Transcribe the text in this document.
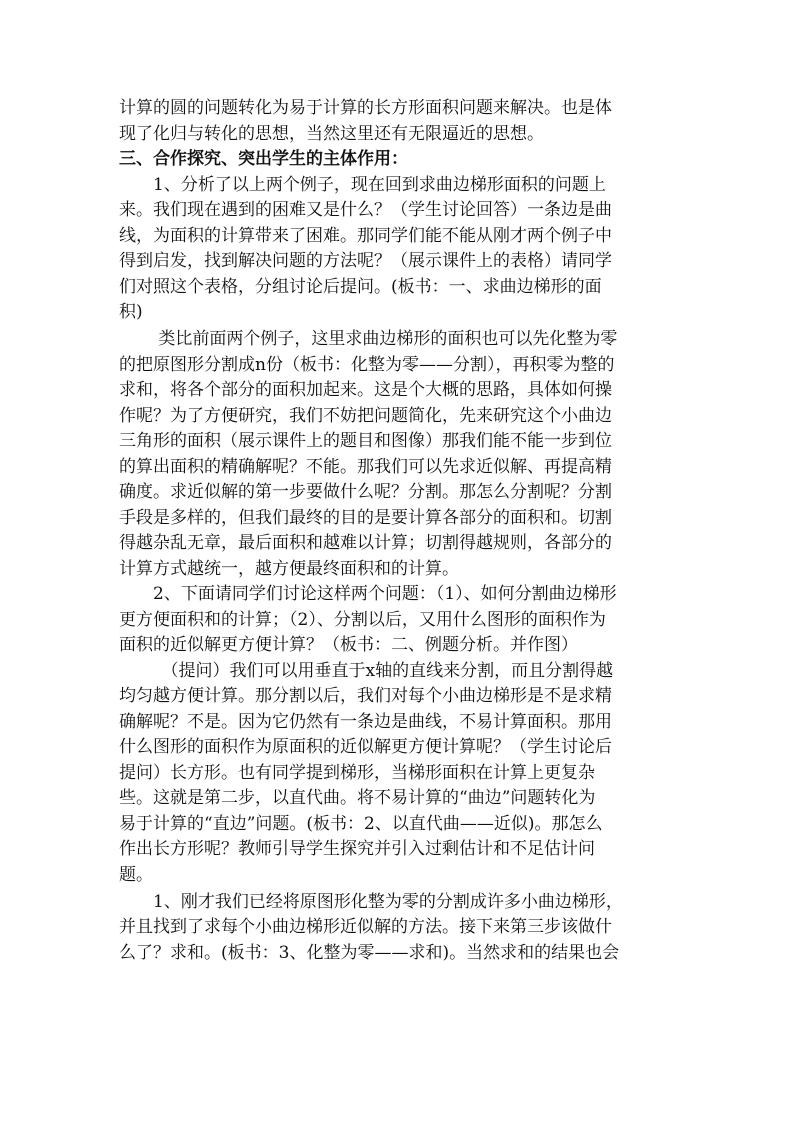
计算的圆的问题转化为易于计算的长方形面积问题来解决。也是体
现了化归与转化的思想，当然这里还有无限逼近的思想。
三、合作探究、突出学生的主体作用：
　　1、分析了以上两个例子，现在回到求曲边梯形面积的问题上
来。我们现在遇到的困难又是什么？（学生讨论回答）一条边是曲
线，为面积的计算带来了困难。那同学们能不能从刚才两个例子中
得到启发，找到解决问题的方法呢？（展示课件上的表格）请同学
们对照这个表格，分组讨论后提问。(板书：一、求曲边梯形的面
积)
　　 类比前面两个例子，这里求曲边梯形的面积也可以先化整为零
的把原图形分割成n份（板书：化整为零——分割），再积零为整的
求和，将各个部分的面积加起来。这是个大概的思路，具体如何操
作呢？为了方便研究，我们不妨把问题简化，先来研究这个小曲边
三角形的面积（展示课件上的题目和图像）那我们能不能一步到位
的算出面积的精确解呢？不能。那我们可以先求近似解、再提高精
确度。求近似解的第一步要做什么呢？分割。那怎么分割呢？分割
手段是多样的，但我们最终的目的是要计算各部分的面积和。切割
得越杂乱无章，最后面积和越难以计算；切割得越规则，各部分的
计算方式越统一，越方便最终面积和的计算。
　　2、下面请同学们讨论这样两个问题：（1）、如何分割曲边梯形
更方便面积和的计算；（2）、分割以后，又用什么图形的面积作为
面积的近似解更方便计算？（板书：二、例题分析。并作图）
　　　（提问）我们可以用垂直于x轴的直线来分割，而且分割得越
均匀越方便计算。那分割以后，我们对每个小曲边梯形是不是求精
确解呢？不是。因为它仍然有一条边是曲线，不易计算面积。那用
什么图形的面积作为原面积的近似解更方便计算呢？（学生讨论后
提问）长方形。也有同学提到梯形，当梯形面积在计算上更复杂
些。这就是第二步，以直代曲。将不易计算的“曲边”问题转化为
易于计算的“直边”问题。(板书：2、以直代曲——近似)。那怎么
作出长方形呢？教师引导学生探究并引入过剩估计和不足估计问
题。
　　1、刚才我们已经将原图形化整为零的分割成许多小曲边梯形，
并且找到了求每个小曲边梯形近似解的方法。接下来第三步该做什
么了？求和。(板书：3、化整为零——求和)。当然求和的结果也会
